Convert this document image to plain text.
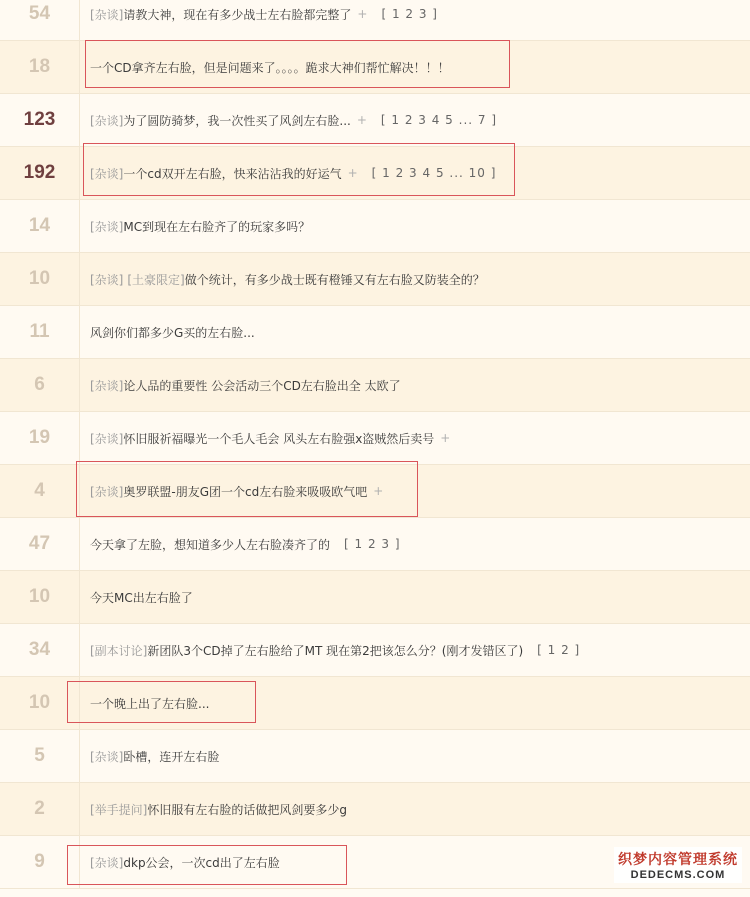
54	[杂谈] 请教大神，现在有多少战士左右脸都完整了 + [ 1 2 3 ]
18	一个CD拿齐左右脸，但是问题来了。。。。跪求大神们帮忙解决！！！
123	[杂谈] 为了圆防骑梦，我一次性买了风剑左右脸... + [ 1 2 3 4 5 ... 7 ]
192	[杂谈] 一个cd双开左右脸，快来沾沾我的好运气 + [ 1 2 3 4 5 ... 10 ]
14	[杂谈] MC到现在左右脸齐了的玩家多吗？
10	[杂谈] [土豪限定] 做个统计，有多少战士既有橙锤又有左右脸又防装全的？
11	风剑你们都多少G买的左右脸...
6	[杂谈] 论人品的重要性 公会活动三个CD左右脸出全 太欧了
19	[杂谈] 怀旧服祈福曝光一个毛人毛会 风头左右脸强x盗贼然后卖号 +
4	[杂谈] 奥罗联盟-朋友G团一个cd左右脸来吸吸欧气吧 +
47	今天拿了左脸，想知道多少人左右脸凑齐了的 [ 1 2 3 ]
10	今天MC出左右脸了
34	[副本讨论] 新团队3个CD掉了左右脸给了MT 现在第2把该怎么分？(刚才发错区了) [ 1 2 ]
10	一个晚上出了左右脸...
5	[杂谈] 卧槽，连开左右脸
2	[举手提问] 怀旧服有左右脸的话做把风剑要多少g
9	[杂谈] dkp公会，一次cd出了左右脸	织梦内容管理系统
DEDECMS.COM
